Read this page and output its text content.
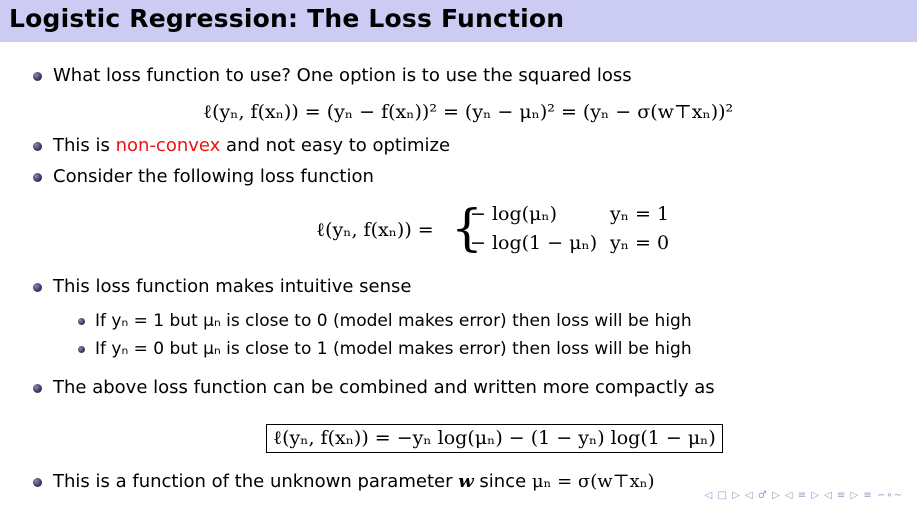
Logistic Regression: The Loss Function
What loss function to use? One option is to use the squared loss
ℓ(yₙ, f(xₙ)) = (yₙ − f(xₙ))² = (yₙ − μₙ)² = (yₙ − σ(w⊤xₙ))²
This is non-convex and not easy to optimize
Consider the following loss function
ℓ(yₙ, f(xₙ)) = {
− log(μₙ)	yₙ = 1
− log(1 − μₙ) yₙ = 0
This loss function makes intuitive sense
If yₙ = 1 but μₙ is close to 0 (model makes error) then loss will be high
If yₙ = 0 but μₙ is close to 1 (model makes error) then loss will be high
The above loss function can be combined and written more compactly as
ℓ(yₙ, f(xₙ)) = −yₙ log(μₙ) − (1 − yₙ) log(1 − μₙ)
This is a function of the unknown parameter w since μₙ = σ(w⊤xₙ)
◁ □ ▷ ◁ ♂ ▷ ◁ ≡ ▷ ◁ ≡ ▷ ≡ ∽∘∼
